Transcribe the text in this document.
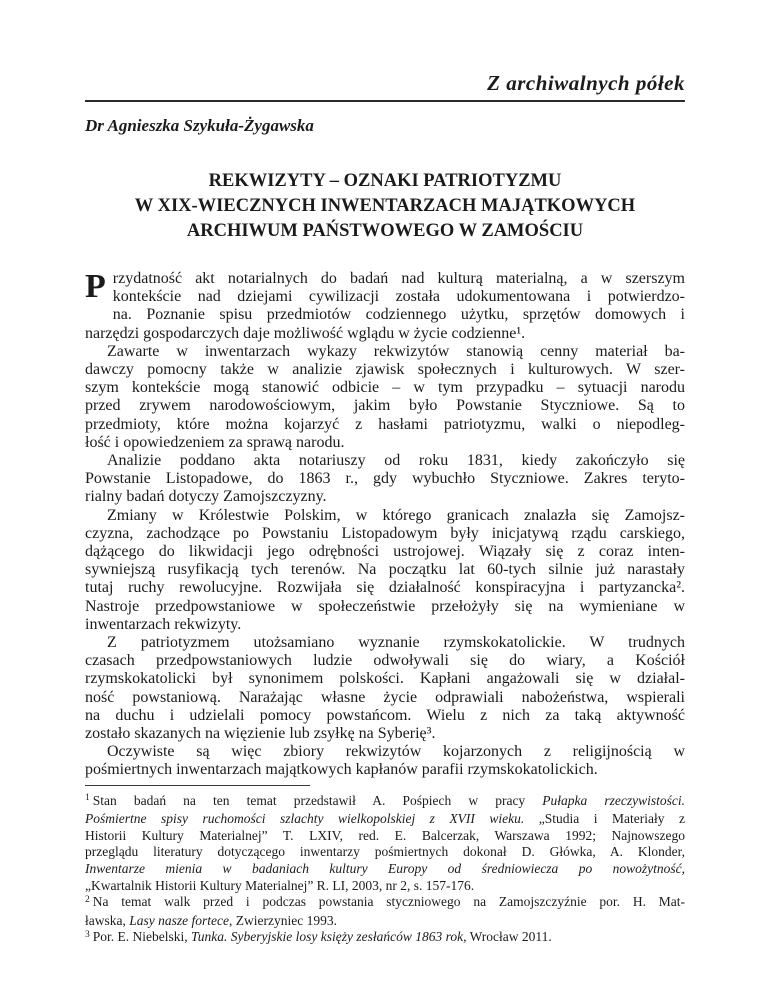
Z archiwalnych półek
Dr Agnieszka Szykuła-Żygawska
REKWIZYTY – OZNAKI PATRIOTYZMU
W XIX-WIECZNYCH INWENTARZACH MAJĄTKOWYCH
ARCHIWUM PAŃSTWOWEGO W ZAMOŚCIU
P rzydatność akt notarialnych do badań nad kulturą materialną, a w szerszym
kontekście nad dziejami cywilizacji została udokumentowana i potwierdzo-
na. Poznanie spisu przedmiotów codziennego użytku, sprzętów domowych i
narzędzi gospodarczych daje możliwość wglądu w życie codzienne¹.
Zawarte w inwentarzach wykazy rekwizytów stanowią cenny materiał ba-
dawczy pomocny także w analizie zjawisk społecznych i kulturowych. W szer-
szym kontekście mogą stanowić odbicie – w tym przypadku – sytuacji narodu
przed zrywem narodowościowym, jakim było Powstanie Styczniowe. Są to
przedmioty, które można kojarzyć z hasłami patriotyzmu, walki o niepodleg-
łość i opowiedzeniem za sprawą narodu.
Analizie poddano akta notariuszy od roku 1831, kiedy zakończyło się
Powstanie Listopadowe, do 1863 r., gdy wybuchło Styczniowe. Zakres teryto-
rialny badań dotyczy Zamojszczyzny.
Zmiany w Królestwie Polskim, w którego granicach znalazła się Zamojsz-
czyzna, zachodzące po Powstaniu Listopadowym były inicjatywą rządu carskiego,
dążącego do likwidacji jego odrębności ustrojowej. Wiązały się z coraz inten-
sywniejszą rusyfikacją tych terenów. Na początku lat 60-tych silnie już narastały
tutaj ruchy rewolucyjne. Rozwijała się działalność konspiracyjna i partyzancka².
Nastroje przedpowstaniowe w społeczeństwie przełożyły się na wymieniane w
inwentarzach rekwizyty.
Z patriotyzmem utożsamiano wyznanie rzymskokatolickie. W trudnych
czasach przedpowstaniowych ludzie odwoływali się do wiary, a Kościół
rzymskokatolicki był synonimem polskości. Kapłani angażowali się w działal-
ność powstaniową. Narażając własne życie odprawiali nabożeństwa, wspierali
na duchu i udzielali pomocy powstańcom. Wielu z nich za taką aktywność
zostało skazanych na więzienie lub zsyłkę na Syberię³.
Oczywiste są więc zbiory rekwizytów kojarzonych z religijnością w
pośmiertnych inwentarzach majątkowych kapłanów parafii rzymskokatolickich.
$^1$ Stan badań na ten temat przedstawił A. Pośpiech w pracy Pułapka rzeczywistości.
Pośmiertne spisy ruchomości szlachty wielkopolskiej z XVII wieku. „Studia i Materiały z
Historii Kultury Materialnej” T. LXIV, red. E. Balcerzak, Warszawa 1992; Najnowszego
przeglądu literatury dotyczącego inwentarzy pośmiertnych dokonał D. Główka, A. Klonder,
Inwentarze mienia w badaniach kultury Europy od średniowiecza po nowożytność,
„Kwartalnik Historii Kultury Materialnej” R. LI, 2003, nr 2, s. 157-176.
$^2$ Na temat walk przed i podczas powstania styczniowego na Zamojszczyźnie por. H. Mat-
ławska, Lasy nasze fortece, Zwierzyniec 1993.
$^3$ Por. E. Niebelski, Tunka. Syberyjskie losy księży zesłańców 1863 rok, Wrocław 2011.
